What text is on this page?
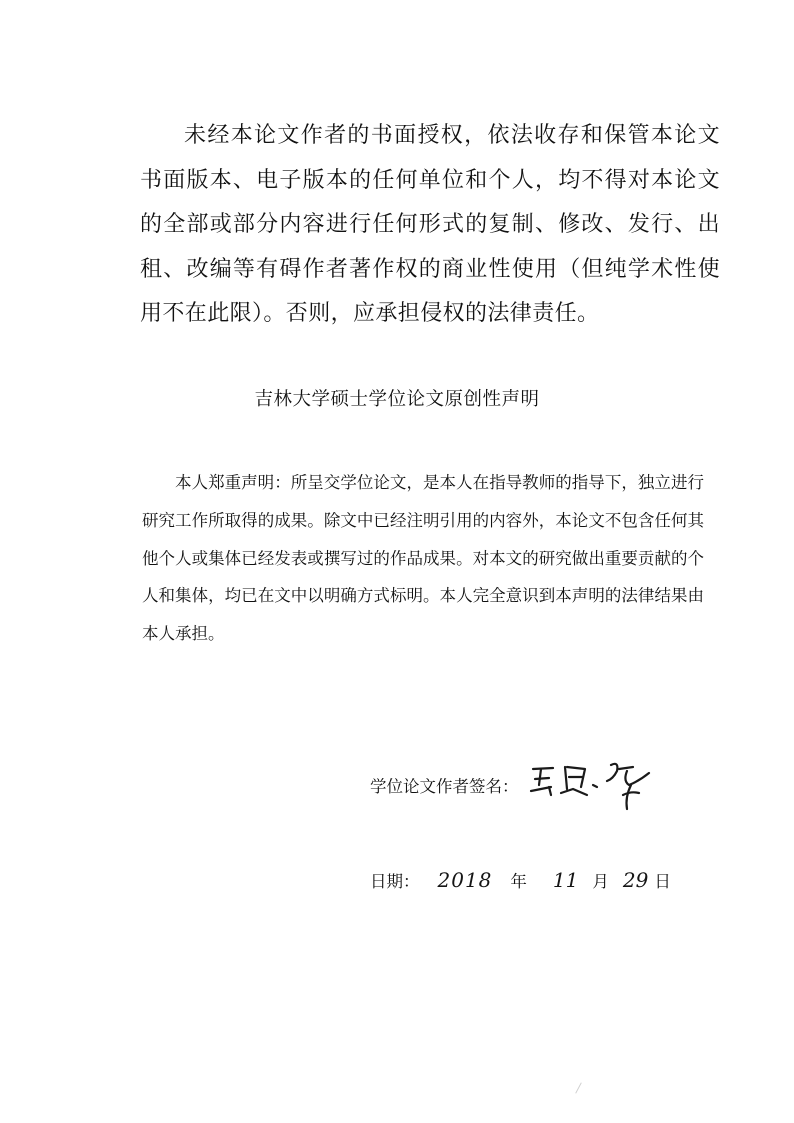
未经本论文作者的书面授权，依法收存和保管本论文书面版本、电子版本的任何单位和个人，均不得对本论文的全部或部分内容进行任何形式的复制、修改、发行、出租、改编等有碍作者著作权的商业性使用（但纯学术性使用不在此限）。否则，应承担侵权的法律责任。

吉林大学硕士学位论文原创性声明

本人郑重声明：所呈交学位论文，是本人在指导教师的指导下，独立进行研究工作所取得的成果。除文中已经注明引用的内容外，本论文不包含任何其他个人或集体已经发表或撰写过的作品成果。对本文的研究做出重要贡献的个人和集体，均已在文中以明确方式标明。本人完全意识到本声明的法律结果由本人承担。

学位论文作者签名：
日期： 2018 年 11 月 29 日
